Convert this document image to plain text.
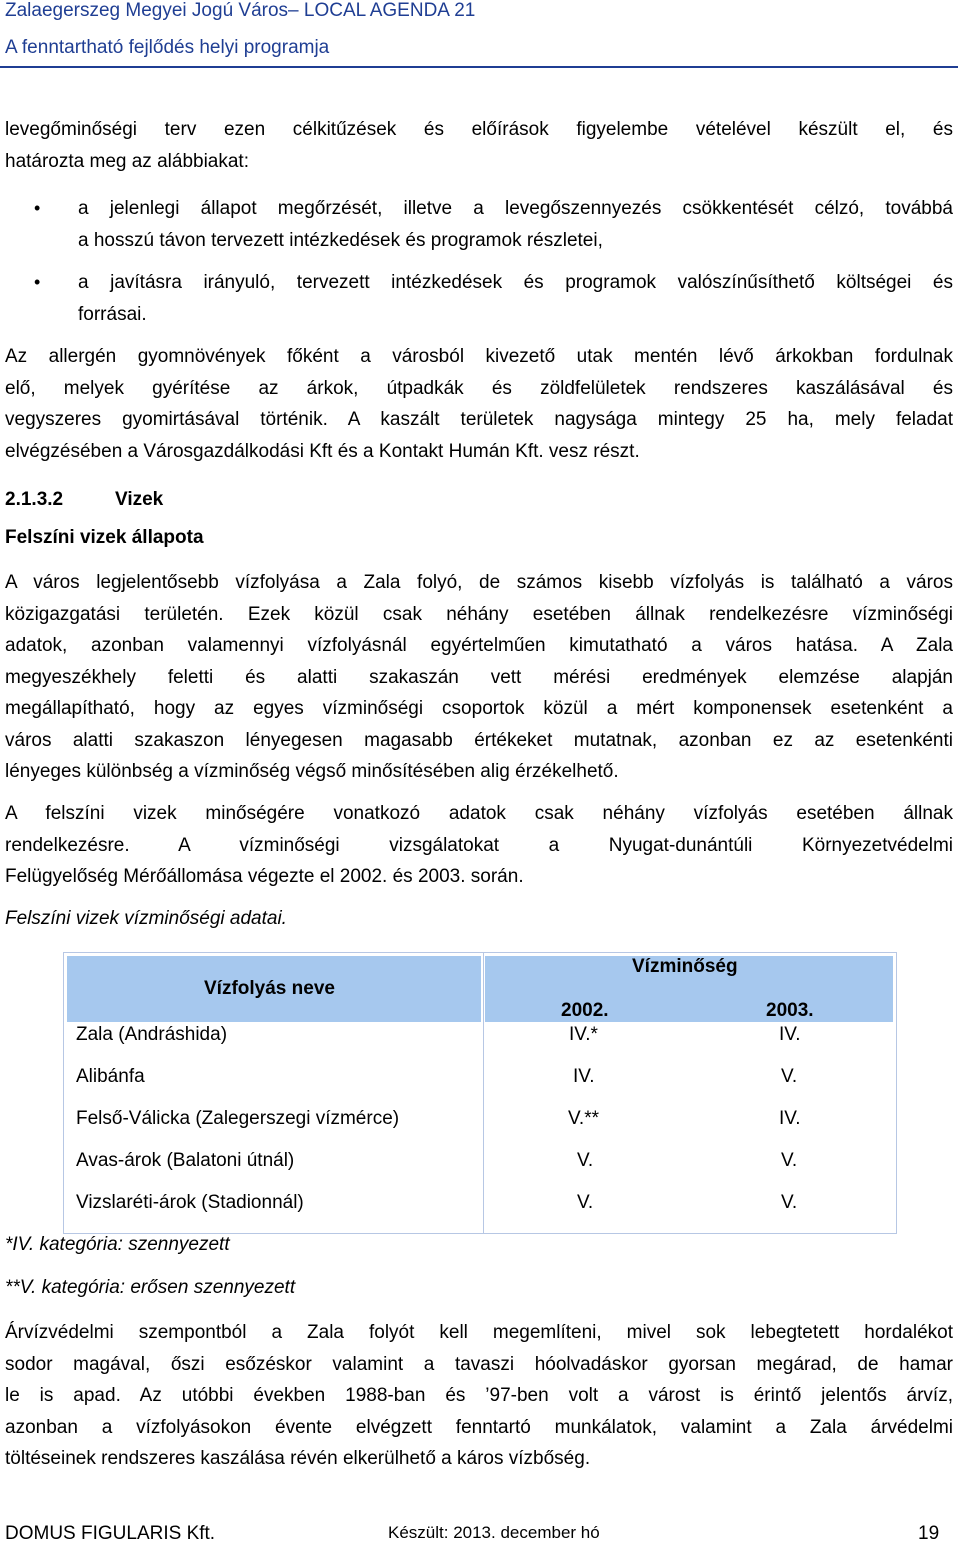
Zalaegerszeg Megyei Jogú Város– LOCAL AGENDA 21
A fenntartható fejlődés helyi programja
levegőminőségi terv ezen célkitűzések és előírások figyelembe vételével készült el, és
határozta meg az alábbiakat:
• a jelenlegi állapot megőrzését, illetve a levegőszennyezés csökkentését célzó, továbbá
a hosszú távon tervezett intézkedések és programok részletei,
• a javításra irányuló, tervezett intézkedések és programok valószínűsíthető költségei és
forrásai.
Az allergén gyomnövények főként a városból kivezető utak mentén lévő árkokban fordulnak
elő, melyek gyérítése az árkok, útpadkák és zöldfelületek rendszeres kaszálásával és
vegyszeres gyomirtásával történik. A kaszált területek nagysága mintegy 25 ha, mely feladat
elvégzésében a Városgazdálkodási Kft és a Kontakt Humán Kft. vesz részt.
2.1.3.2	Vizek
Felszíni vizek állapota
A város legjelentősebb vízfolyása a Zala folyó, de számos kisebb vízfolyás is található a város
közigazgatási területén. Ezek közül csak néhány esetében állnak rendelkezésre vízminőségi
adatok, azonban valamennyi vízfolyásnál egyértelműen kimutatható a város hatása. A Zala
megyeszékhely feletti és alatti szakaszán vett mérési eredmények elemzése alapján
megállapítható, hogy az egyes vízminőségi csoportok közül a mért komponensek esetenként a
város alatti szakaszon lényegesen magasabb értékeket mutatnak, azonban ez az esetenkénti
lényeges különbség a vízminőség végső minősítésében alig érzékelhető.
A felszíni vizek minőségére vonatkozó adatok csak néhány vízfolyás esetében állnak
rendelkezésre. A vízminőségi vizsgálatokat a Nyugat-dunántúli Környezetvédelmi
Felügyelőség Mérőállomása végezte el 2002. és 2003. során.
Felszíni vizek vízminőségi adatai.
Vízfolyás neve
Vízminőség
2002.	2003.
Zala (Andráshida)	IV.*	IV.
Alibánfa	IV.	V.
Felső-Válicka (Zalegerszegi vízmérce)	V.**	IV.
Avas-árok (Balatoni útnál)	V.	V.
Vizslaréti-árok (Stadionnál)	V.	V.
*IV. kategória: szennyezett
**V. kategória: erősen szennyezett
Árvízvédelmi szempontból a Zala folyót kell megemlíteni, mivel sok lebegtetett hordalékot
sodor magával, őszi esőzéskor valamint a tavaszi hóolvadáskor gyorsan megárad, de hamar
le is apad. Az utóbbi években 1988-ban és ’97-ben volt a várost is érintő jelentős árvíz,
azonban a vízfolyásokon évente elvégzett fenntartó munkálatok, valamint a Zala árvédelmi
töltéseinek rendszeres kaszálása révén elkerülhető a káros vízbőség.
DOMUS FIGULARIS Kft.	Készült: 2013. december hó	19
